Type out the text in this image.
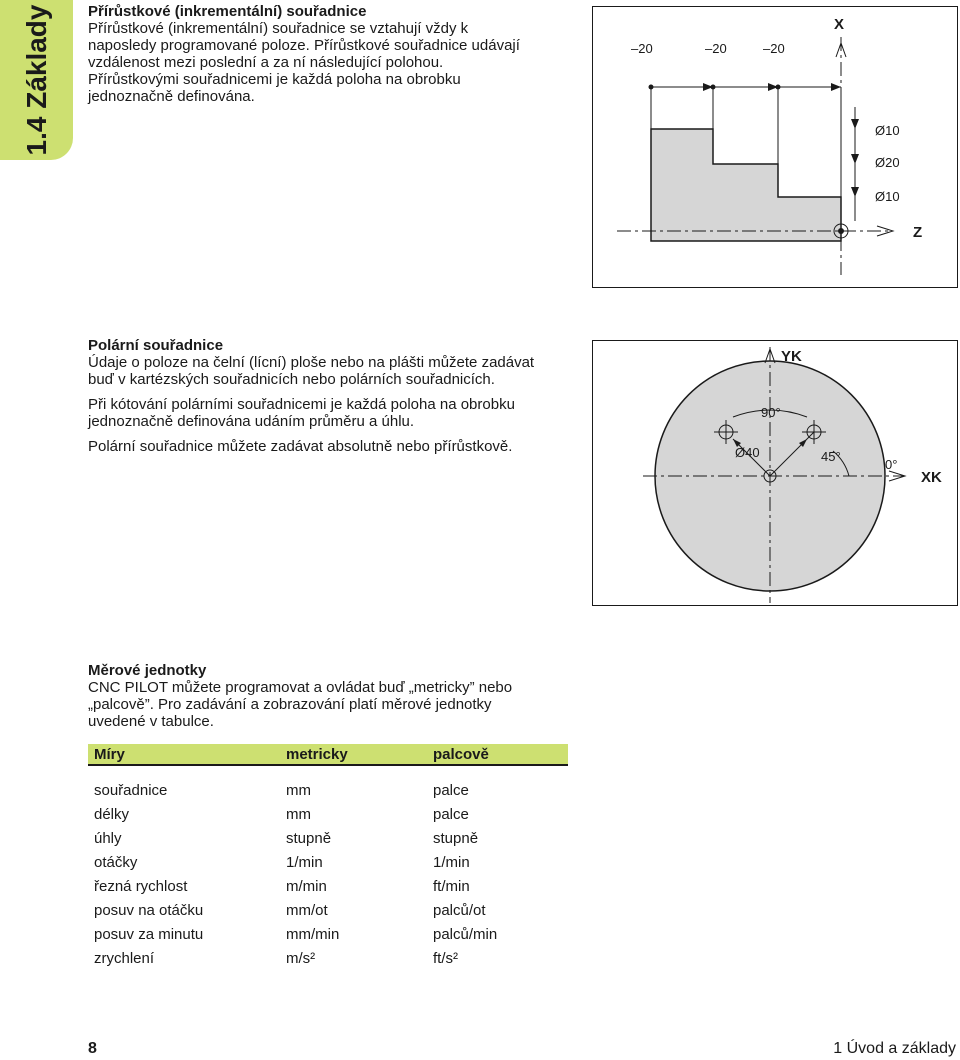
1.4 Základy Přírůstkové (inkrementální) souřadnice

Přírůstkové (inkrementální) souřadnice se vztahují vždy k
naposledy programované poloze. Přírůstkové souřadnice udávají
vzdálenost mezi poslední a za ní následující polohou.
Přírůstkovými souřadnicemi je každá poloha na obrobku
jednoznačně definována.

–20	–20	–20
X
Ø10
Ø20
Ø10
Z
Polární souřadnice

Údaje o poloze na čelní (lícní) ploše nebo na plášti můžete zadávat
buď v kartézských souřadnicích nebo polárních souřadnicích.

Při kótování polárními souřadnicemi je každá poloha na obrobku
jednoznačně definována udáním průměru a úhlu.

Polární souřadnice můžete zadávat absolutně nebo přírůstkově.

YK
XK
90°
45°
0°
Ø40
Měrové jednotky

CNC PILOT můžete programovat a ovládat buď „metricky” nebo
„palcově”. Pro zadávání a zobrazování platí měrové jednotky
uvedené v tabulce.

Míry	metricky	palcově
souřadnice	mm	palce
délky	mm	palce
úhly	stupně	stupně
otáčky	1/min	1/min
řezná rychlost	m/min	ft/min
posuv na otáčku	mm/ot	palců/ot
posuv za minutu	mm/min	palců/min
zrychlení	m/s²	ft/s²
8	1 Úvod a základy
